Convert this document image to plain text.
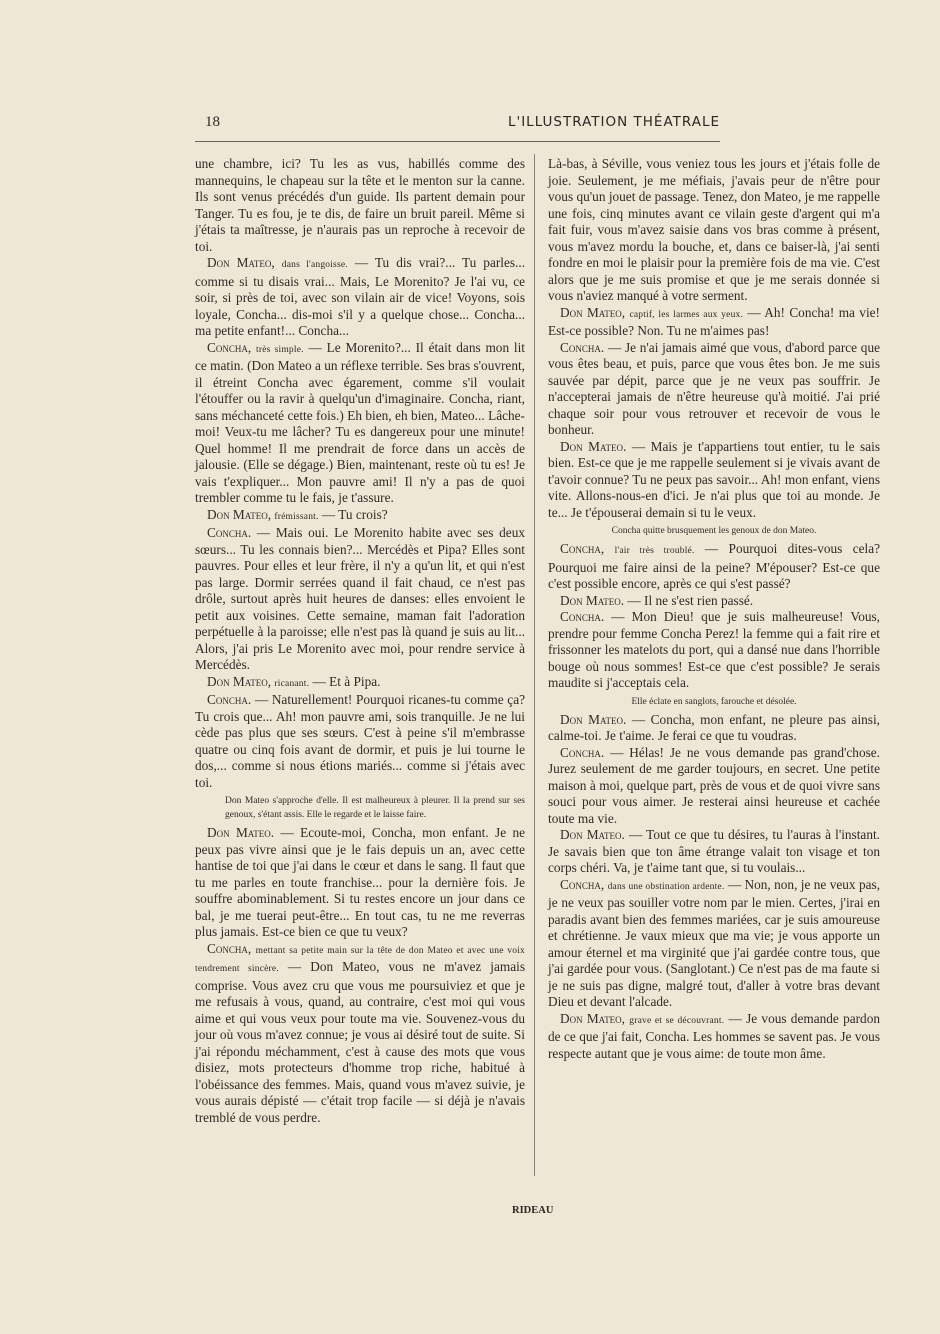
18	L'ILLUSTRATION THÉATRALE

une chambre, ici? Tu les as vus, habillés comme des mannequins, le chapeau sur la tête et le menton sur la canne. Ils sont venus précédés d'un guide. Ils partent demain pour Tanger. Tu es fou, je te dis, de faire un bruit pareil. Même si j'étais ta maîtresse, je n'aurais pas un reproche à recevoir de toi.

Don Mateo, dans l'angoisse. — Tu dis vrai?... Tu parles... comme si tu disais vrai... Mais, Le Morenito? Je l'ai vu, ce soir, si près de toi, avec son vilain air de vice! Voyons, sois loyale, Concha... dis-moi s'il y a quelque chose... Concha... ma petite enfant!... Concha...

Concha, très simple. — Le Morenito?... Il était dans mon lit ce matin. (Don Mateo a un réflexe terrible. Ses bras s'ouvrent, il étreint Concha avec égarement, comme s'il voulait l'étouffer ou la ravir à quelqu'un d'imaginaire. Concha, riant, sans méchanceté cette fois.) Eh bien, eh bien, Mateo... Lâche-moi! Veux-tu me lâcher? Tu es dangereux pour une minute! Quel homme! Il me prendrait de force dans un accès de jalousie. (Elle se dégage.) Bien, maintenant, reste où tu es! Je vais t'expliquer... Mon pauvre ami! Il n'y a pas de quoi trembler comme tu le fais, je t'assure.

Don Mateo, frémissant. — Tu crois?

Concha. — Mais oui. Le Morenito habite avec ses deux sœurs... Tu les connais bien?... Mercédès et Pipa? Elles sont pauvres. Pour elles et leur frère, il n'y a qu'un lit, et qui n'est pas large. Dormir serrées quand il fait chaud, ce n'est pas drôle, surtout après huit heures de danses: elles envoient le petit aux voisines. Cette semaine, maman fait l'adoration perpétuelle à la paroisse; elle n'est pas là quand je suis au lit... Alors, j'ai pris Le Morenito avec moi, pour rendre service à Mercédès.

Don Mateo, ricanant. — Et à Pipa.

Concha. — Naturellement! Pourquoi ricanes-tu comme ça? Tu crois que... Ah! mon pauvre ami, sois tranquille. Je ne lui cède pas plus que ses sœurs. C'est à peine s'il m'embrasse quatre ou cinq fois avant de dormir, et puis je lui tourne le dos,... comme si nous étions mariés... comme si j'étais avec toi.

Don Mateo s'approche d'elle. Il est malheureux à pleurer. Il la prend sur ses genoux, s'étant assis. Elle le regarde et le laisse faire.

Don Mateo. — Ecoute-moi, Concha, mon enfant. Je ne peux pas vivre ainsi que je le fais depuis un an, avec cette hantise de toi que j'ai dans le cœur et dans le sang. Il faut que tu me parles en toute franchise... pour la dernière fois. Je souffre abominablement. Si tu restes encore un jour dans ce bal, je me tuerai peut-être... En tout cas, tu ne me reverras plus jamais. Est-ce bien ce que tu veux?

Concha, mettant sa petite main sur la tête de don Mateo et avec une voix tendrement sincère. — Don Mateo, vous ne m'avez jamais comprise. Vous avez cru que vous me poursuiviez et que je me refusais à vous, quand, au contraire, c'est moi qui vous aime et qui vous veux pour toute ma vie. Souvenez-vous du jour où vous m'avez connue; je vous ai désiré tout de suite. Si j'ai répondu méchamment, c'est à cause des mots que vous disiez, mots protecteurs d'homme trop riche, habitué à l'obéissance des femmes. Mais, quand vous m'avez suivie, je vous aurais dépisté — c'était trop facile — si déjà je n'avais tremblé de vous perdre.

Là-bas, à Séville, vous veniez tous les jours et j'étais folle de joie. Seulement, je me méfiais, j'avais peur de n'être pour vous qu'un jouet de passage. Tenez, don Mateo, je me rappelle une fois, cinq minutes avant ce vilain geste d'argent qui m'a fait fuir, vous m'avez saisie dans vos bras comme à présent, vous m'avez mordu la bouche, et, dans ce baiser-là, j'ai senti fondre en moi le plaisir pour la première fois de ma vie. C'est alors que je me suis promise et que je me serais donnée si vous n'aviez manqué à votre serment.

Don Mateo, captif, les larmes aux yeux. — Ah! Concha! ma vie! Est-ce possible? Non. Tu ne m'aimes pas!

Concha. — Je n'ai jamais aimé que vous, d'abord parce que vous êtes beau, et puis, parce que vous êtes bon. Je me suis sauvée par dépit, parce que je ne veux pas souffrir. Je n'accepterai jamais de n'être heureuse qu'à moitié. J'ai prié chaque soir pour vous retrouver et recevoir de vous le bonheur.

Don Mateo. — Mais je t'appartiens tout entier, tu le sais bien. Est-ce que je me rappelle seulement si je vivais avant de t'avoir connue? Tu ne peux pas savoir... Ah! mon enfant, viens vite. Allons-nous-en d'ici. Je n'ai plus que toi au monde. Je te... Je t'épouserai demain si tu le veux.

Concha quitte brusquement les genoux de don Mateo.

Concha, l'air très troublé. — Pourquoi dites-vous cela? Pourquoi me faire ainsi de la peine? M'épouser? Est-ce que c'est possible encore, après ce qui s'est passé?

Don Mateo. — Il ne s'est rien passé.

Concha. — Mon Dieu! que je suis malheureuse! Vous, prendre pour femme Concha Perez! la femme qui a fait rire et frissonner les matelots du port, qui a dansé nue dans l'horrible bouge où nous sommes! Est-ce que c'est possible? Je serais maudite si j'acceptais cela.

Elle éclate en sanglots, farouche et désolée.

Don Mateo. — Concha, mon enfant, ne pleure pas ainsi, calme-toi. Je t'aime. Je ferai ce que tu voudras.

Concha. — Hélas! Je ne vous demande pas grand'chose. Jurez seulement de me garder toujours, en secret. Une petite maison à moi, quelque part, près de vous et de quoi vivre sans souci pour vous aimer. Je resterai ainsi heureuse et cachée toute ma vie.

Don Mateo. — Tout ce que tu désires, tu l'auras à l'instant. Je savais bien que ton âme étrange valait ton visage et ton corps chéri. Va, je t'aime tant que, si tu voulais...

Concha, dans une obstination ardente. — Non, non, je ne veux pas, je ne veux pas souiller votre nom par le mien. Certes, j'irai en paradis avant bien des femmes mariées, car je suis amoureuse et chrétienne. Je vaux mieux que ma vie; je vous apporte un amour éternel et ma virginité que j'ai gardée contre tous, que j'ai gardée pour vous. (Sanglotant.) Ce n'est pas de ma faute si je ne suis pas digne, malgré tout, d'aller à votre bras devant Dieu et devant l'alcade.

Don Mateo, grave et se découvrant. — Je vous demande pardon de ce que j'ai fait, Concha. Les hommes se savent pas. Je vous respecte autant que je vous aime: de toute mon âme.

RIDEAU
